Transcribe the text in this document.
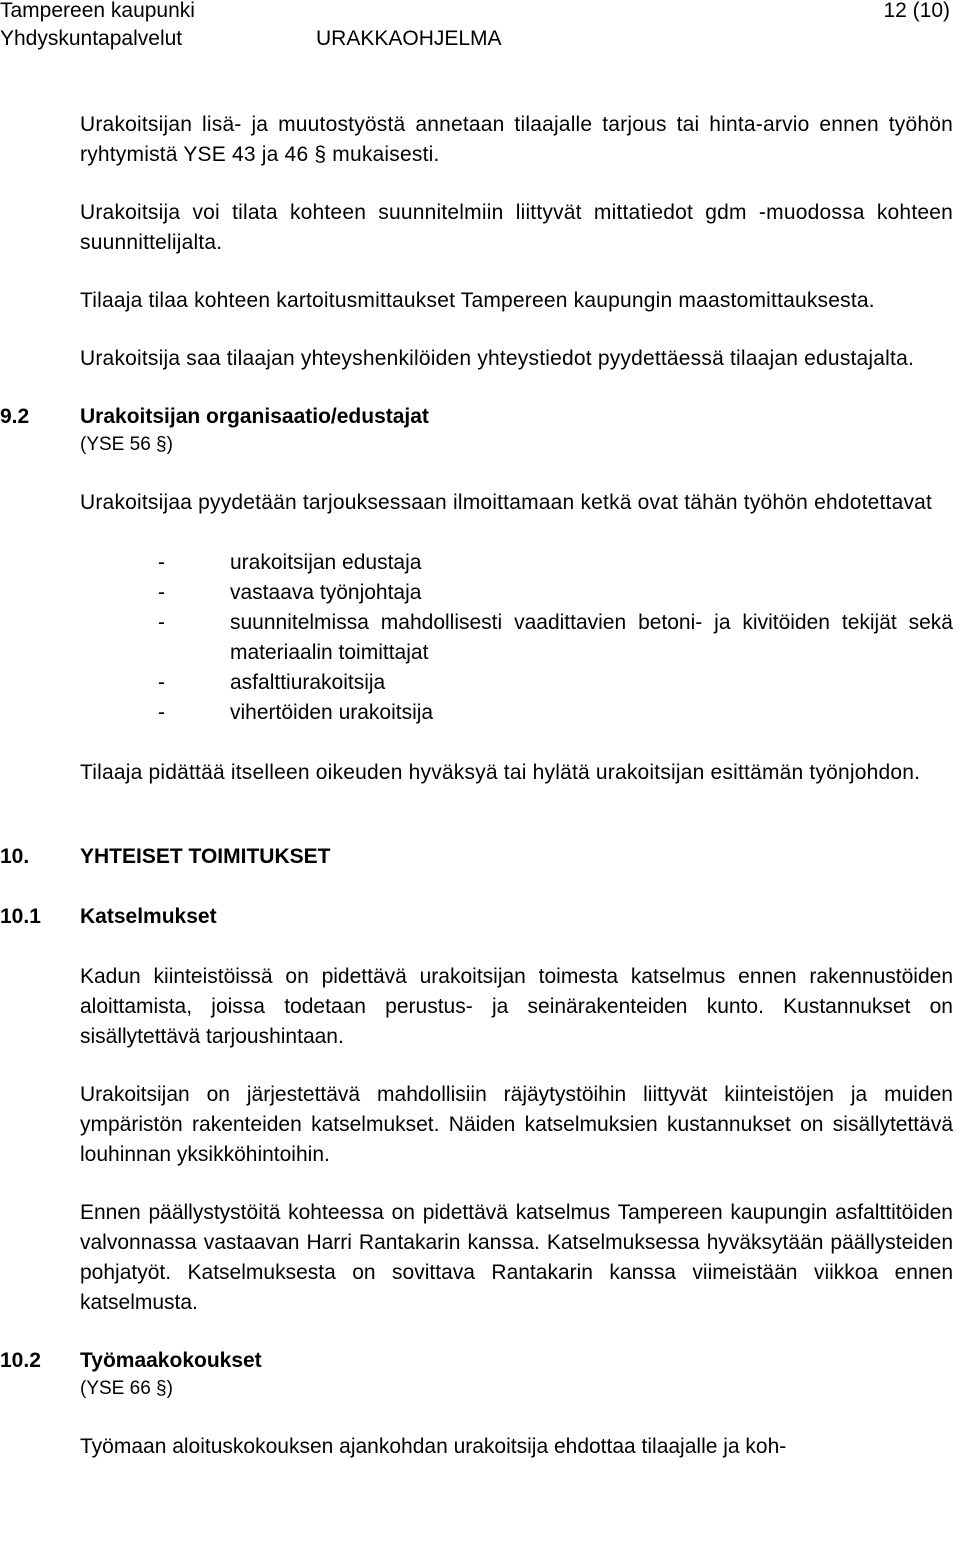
Tampereen kaupunki
Yhdyskuntapalvelut	URAKKAOHJELMA
12 (10)

Urakoitsijan lisä- ja muutostyöstä annetaan tilaajalle tarjous tai hinta-arvio ennen työhön ryhtymistä YSE 43 ja 46 § mukaisesti.

Urakoitsija voi tilata kohteen suunnitelmiin liittyvät mittatiedot gdm -muodossa kohteen suunnittelijalta.

Tilaaja tilaa kohteen kartoitusmittaukset Tampereen kaupungin maastomittauksesta.

Urakoitsija saa tilaajan yhteyshenkilöiden yhteystiedot pyydettäessä tilaajan edustajalta.

9.2 Urakoitsijan organisaatio/edustajat

(YSE 56 §)

Urakoitsijaa pyydetään tarjouksessaan ilmoittamaan ketkä ovat tähän työhön ehdotettavat

-	urakoitsijan edustaja
-	vastaava työnjohtaja
-	suunnitelmissa mahdollisesti vaadittavien betoni- ja kivitöiden tekijät sekä materiaalin toimittajat
-	asfalttiurakoitsija
-	vihertöiden urakoitsija

Tilaaja pidättää itselleen oikeuden hyväksyä tai hylätä urakoitsijan esittämän työnjohdon.

10. YHTEISET TOIMITUKSET
10.1 Katselmukset

Kadun kiinteistöissä on pidettävä urakoitsijan toimesta katselmus ennen rakennustöiden aloittamista, joissa todetaan perustus- ja seinärakenteiden kunto. Kustannukset on sisällytettävä tarjoushintaan.

Urakoitsijan on järjestettävä mahdollisiin räjäytystöihin liittyvät kiinteistöjen ja muiden ympäristön rakenteiden katselmukset. Näiden katselmuksien kustannukset on sisällytettävä louhinnan yksikköhintoihin.

Ennen päällystystöitä kohteessa on pidettävä katselmus Tampereen kaupungin asfalttitöiden valvonnassa vastaavan Harri Rantakarin kanssa. Katselmuksessa hyväksytään päällysteiden pohjatyöt. Katselmuksesta on sovittava Rantakarin kanssa viimeistään viikkoa ennen katselmusta.

10.2 Työmaakokoukset

(YSE 66 §)

Työmaan aloituskokouksen ajankohdan urakoitsija ehdottaa tilaajalle ja koh-
